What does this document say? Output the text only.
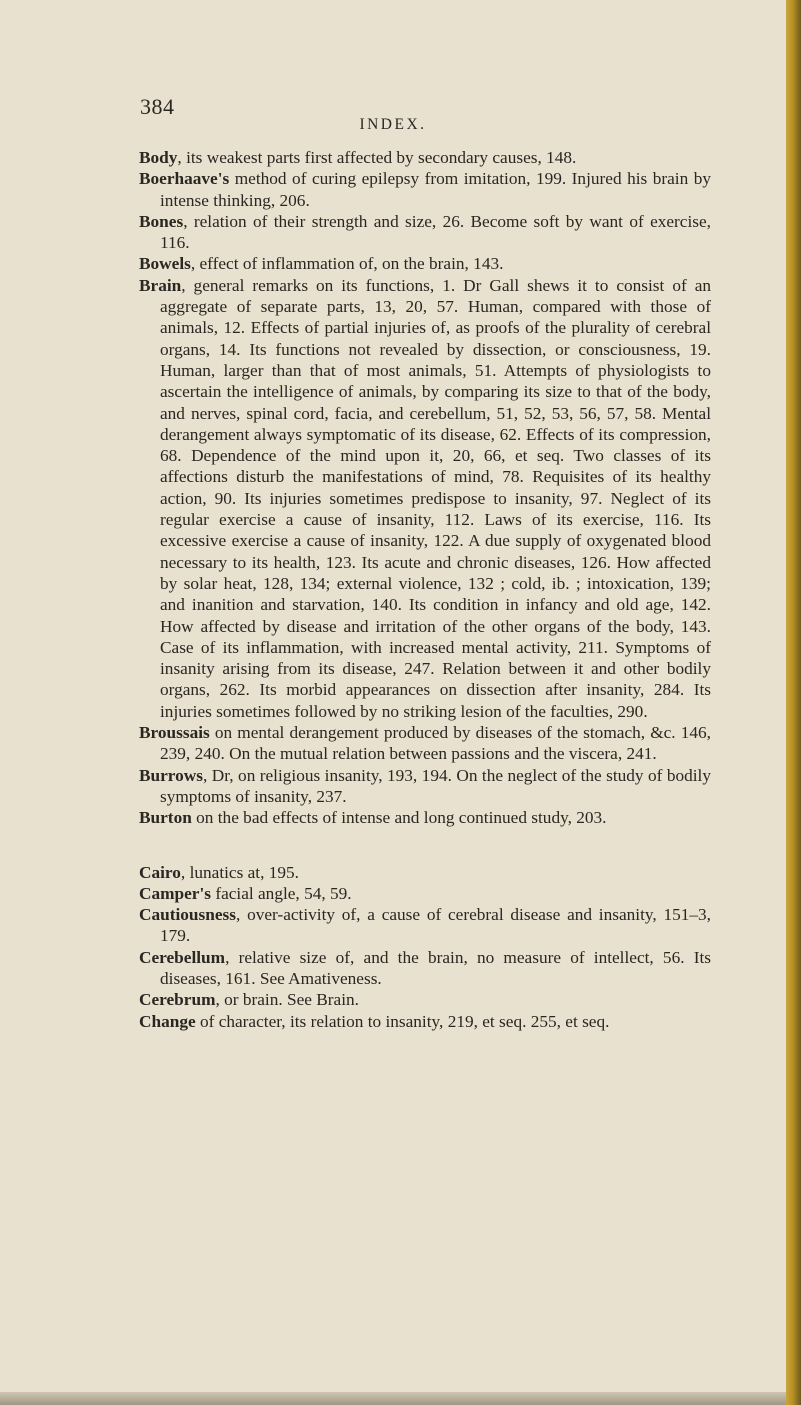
384
INDEX.

Body, its weakest parts first affected by secondary causes, 148.

Boerhaave's method of curing epilepsy from imitation, 199. Injured his brain by intense thinking, 206.

Bones, relation of their strength and size, 26. Become soft by want of exercise, 116.

Bowels, effect of inflammation of, on the brain, 143.

Brain, general remarks on its functions, 1. Dr Gall shews it to consist of an aggregate of separate parts, 13, 20, 57. Human, compared with those of animals, 12. Effects of partial injuries of, as proofs of the plurality of cerebral organs, 14. Its functions not revealed by dissection, or consciousness, 19. Human, larger than that of most animals, 51. Attempts of physiologists to ascertain the intelligence of animals, by comparing its size to that of the body, and nerves, spinal cord, facia, and cerebellum, 51, 52, 53, 56, 57, 58. Mental derangement always symptomatic of its disease, 62. Effects of its compression, 68. Dependence of the mind upon it, 20, 66, et seq. Two classes of its affections disturb the manifestations of mind, 78. Requisites of its healthy action, 90. Its injuries sometimes predispose to insanity, 97. Neglect of its regular exercise a cause of insanity, 112. Laws of its exercise, 116. Its excessive exercise a cause of insanity, 122. A due supply of oxygenated blood necessary to its health, 123. Its acute and chronic diseases, 126. How affected by solar heat, 128, 134; external violence, 132 ; cold, ib. ; intoxication, 139; and inanition and starvation, 140. Its condition in infancy and old age, 142. How affected by disease and irritation of the other organs of the body, 143. Case of its inflammation, with increased mental activity, 211. Symptoms of insanity arising from its disease, 247. Relation between it and other bodily organs, 262. Its morbid appearances on dissection after insanity, 284. Its injuries sometimes followed by no striking lesion of the faculties, 290.

Broussais on mental derangement produced by diseases of the stomach, &c. 146, 239, 240. On the mutual relation between passions and the viscera, 241.

Burrows, Dr, on religious insanity, 193, 194. On the neglect of the study of bodily symptoms of insanity, 237.

Burton on the bad effects of intense and long continued study, 203.

Cairo, lunatics at, 195.

Camper's facial angle, 54, 59.

Cautiousness, over-activity of, a cause of cerebral disease and insanity, 151–3, 179.

Cerebellum, relative size of, and the brain, no measure of intellect, 56. Its diseases, 161. See Amativeness.

Cerebrum, or brain. See Brain.

Change of character, its relation to insanity, 219, et seq. 255, et seq.
